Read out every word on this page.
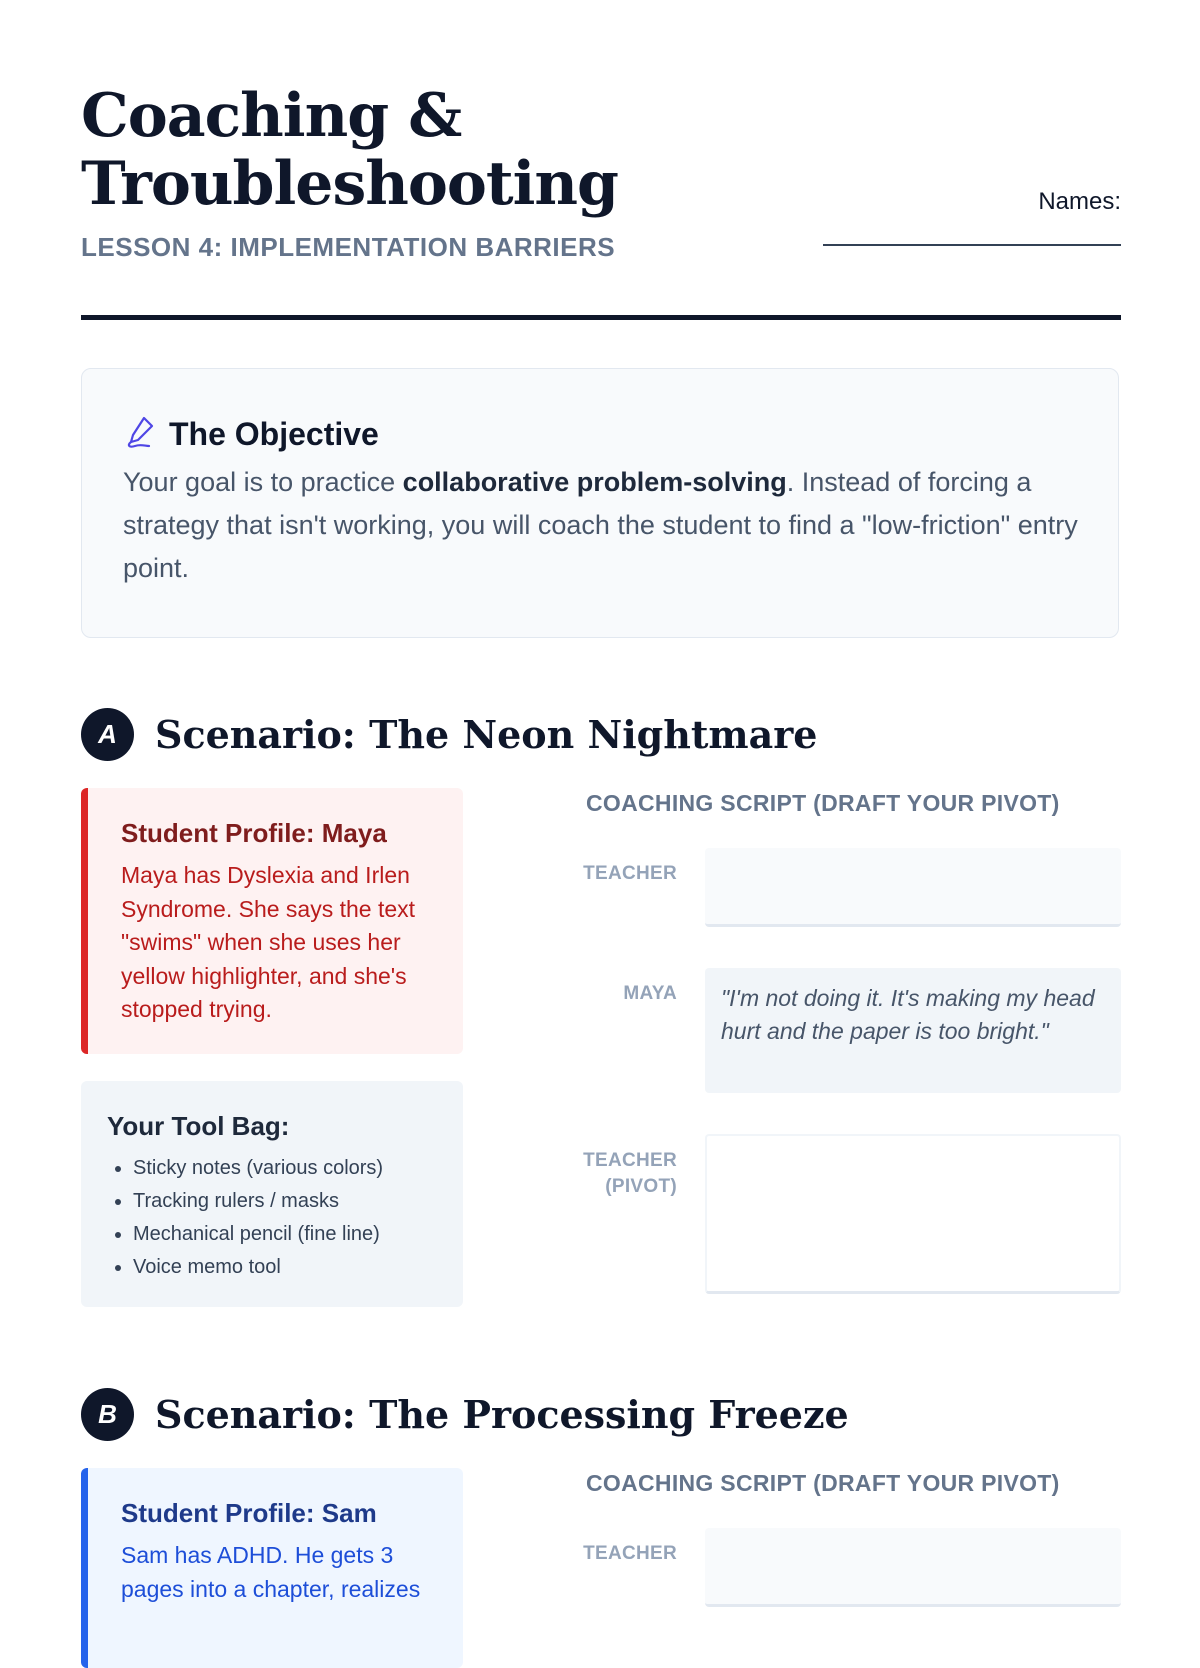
Coaching &
Troubleshooting
LESSON 4: IMPLEMENTATION BARRIERS
Names:
The Objective
Your goal is to practice collaborative problem-solving. Instead of forcing a strategy that isn't working, you will coach the student to find a "low-friction" entry point.
A	Scenario: The Neon Nightmare
Student Profile: Maya
Maya has Dyslexia and Irlen Syndrome. She says the text "swims" when she uses her yellow highlighter, and she's stopped trying.
Your Tool Bag:
• Sticky notes (various colors)
• Tracking rulers / masks
• Mechanical pencil (fine line)
• Voice memo tool
COACHING SCRIPT (DRAFT YOUR PIVOT)
TEACHER
MAYA	"I'm not doing it. It's making my head hurt and the paper is too bright."
TEACHER
(PIVOT)
B	Scenario: The Processing Freeze
Student Profile: Sam
Sam has ADHD. He gets 3 pages into a chapter, realizes
COACHING SCRIPT (DRAFT YOUR PIVOT)
TEACHER
